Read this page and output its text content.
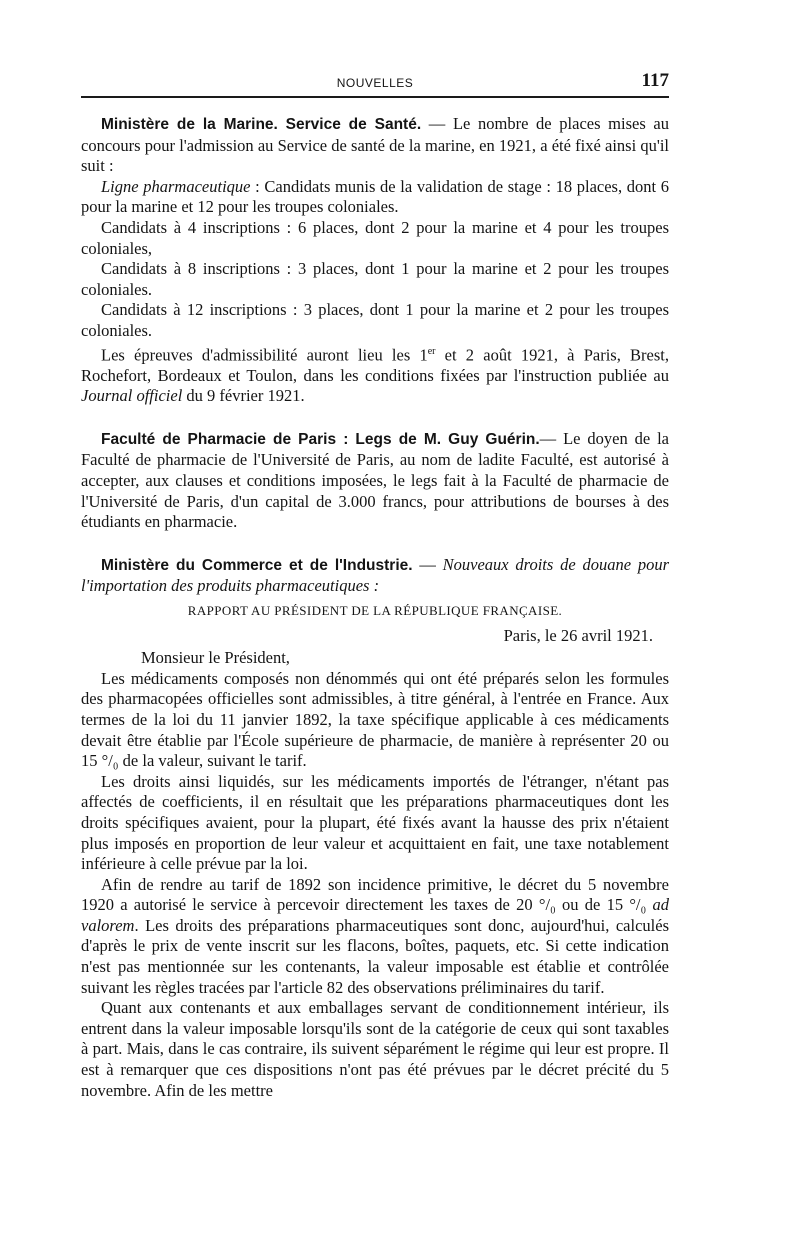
NOUVELLES	117

Ministère de la Marine. Service de Santé. — Le nombre de places mises au concours pour l'admission au Service de santé de la marine, en 1921, a été fixé ainsi qu'il suit :

Ligne pharmaceutique : Candidats munis de la validation de stage : 18 places, dont 6 pour la marine et 12 pour les troupes coloniales.

Candidats à 4 inscriptions : 6 places, dont 2 pour la marine et 4 pour les troupes coloniales,

Candidats à 8 inscriptions : 3 places, dont 1 pour la marine et 2 pour les troupes coloniales.

Candidats à 12 inscriptions : 3 places, dont 1 pour la marine et 2 pour les troupes coloniales.

Les épreuves d'admissibilité auront lieu les 1er et 2 août 1921, à Paris, Brest, Rochefort, Bordeaux et Toulon, dans les conditions fixées par l'instruction publiée au Journal officiel du 9 février 1921.

Faculté de Pharmacie de Paris : Legs de M. Guy Guérin.— Le doyen de la Faculté de pharmacie de l'Université de Paris, au nom de ladite Faculté, est autorisé à accepter, aux clauses et conditions imposées, le legs fait à la Faculté de pharmacie de l'Université de Paris, d'un capital de 3.000 francs, pour attributions de bourses à des étudiants en pharmacie.

Ministère du Commerce et de l'Industrie. — Nouveaux droits de douane pour l'importation des produits pharmaceutiques :

RAPPORT AU PRÉSIDENT DE LA RÉPUBLIQUE FRANÇAISE.

Paris, le 26 avril 1921.

Monsieur le Président,

Les médicaments composés non dénommés qui ont été préparés selon les formules des pharmacopées officielles sont admissibles, à titre général, à l'entrée en France. Aux termes de la loi du 11 janvier 1892, la taxe spécifique applicable à ces médicaments devait être établie par l'École supérieure de pharmacie, de manière à représenter 20 ou 15 °/₀ de la valeur, suivant le tarif.

Les droits ainsi liquidés, sur les médicaments importés de l'étranger, n'étant pas affectés de coefficients, il en résultait que les préparations pharmaceutiques dont les droits spécifiques avaient, pour la plupart, été fixés avant la hausse des prix n'étaient plus imposés en proportion de leur valeur et acquittaient en fait, une taxe notablement inférieure à celle prévue par la loi.

Afin de rendre au tarif de 1892 son incidence primitive, le décret du 5 novembre 1920 a autorisé le service à percevoir directement les taxes de 20 °/₀ ou de 15 °/₀ ad valorem. Les droits des préparations pharmaceutiques sont donc, aujourd'hui, calculés d'après le prix de vente inscrit sur les flacons, boîtes, paquets, etc. Si cette indication n'est pas mentionnée sur les contenants, la valeur imposable est établie et contrôlée suivant les règles tracées par l'article 82 des observations préliminaires du tarif.

Quant aux contenants et aux emballages servant de conditionnement intérieur, ils entrent dans la valeur imposable lorsqu'ils sont de la catégorie de ceux qui sont taxables à part. Mais, dans le cas contraire, ils suivent séparément le régime qui leur est propre. Il est à remarquer que ces dispositions n'ont pas été prévues par le décret précité du 5 novembre. Afin de les mettre
